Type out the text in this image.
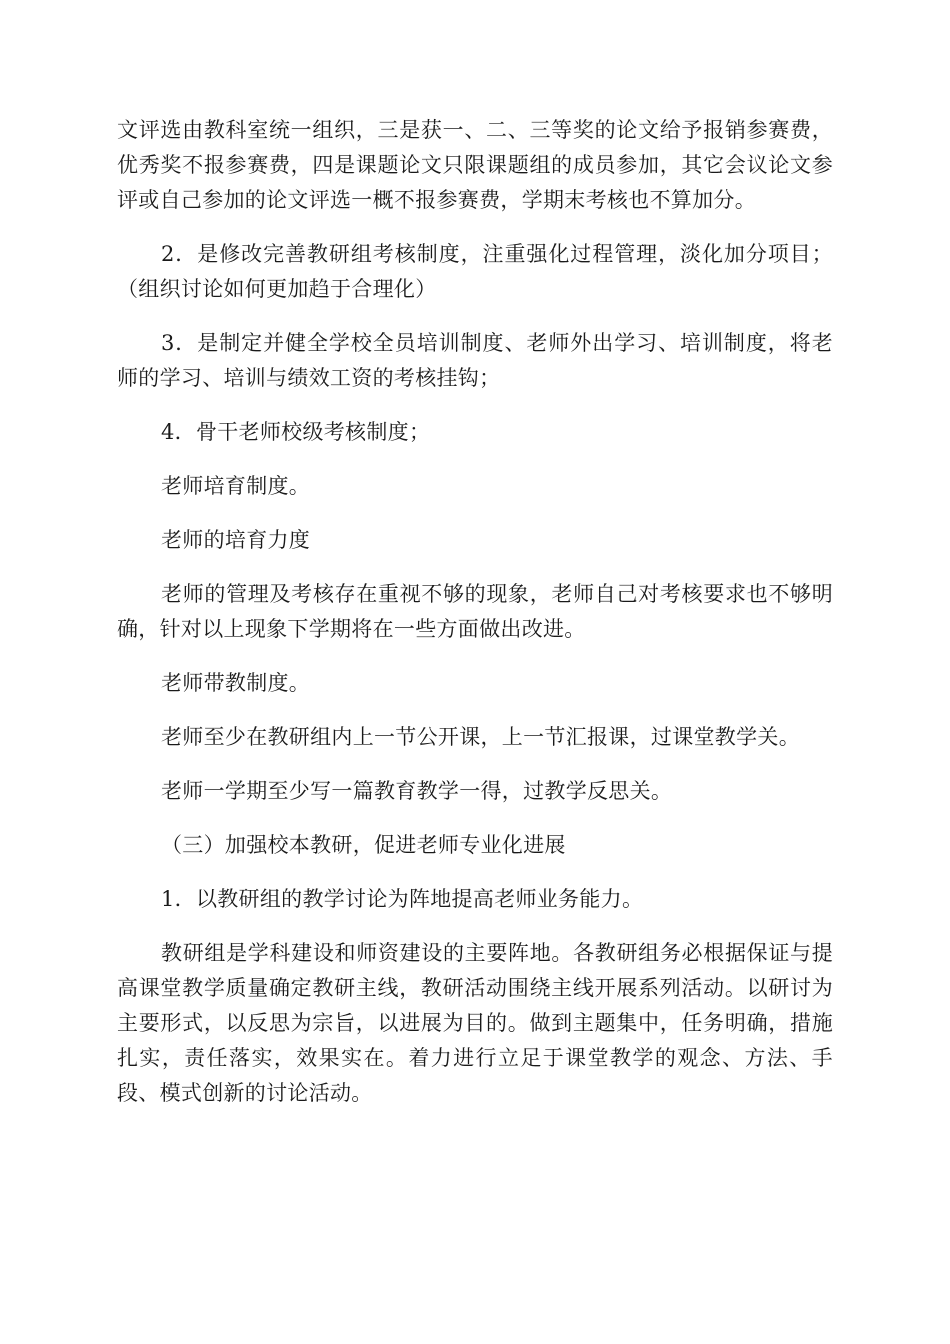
文评选由教科室统一组织，三是获一、二、三等奖的论文给予报销参赛费，优秀奖不报参赛费，四是课题论文只限课题组的成员参加，其它会议论文参评或自己参加的论文评选一概不报参赛费，学期末考核也不算加分。

2．是修改完善教研组考核制度，注重强化过程管理，淡化加分项目；（组织讨论如何更加趋于合理化）

3．是制定并健全学校全员培训制度、老师外出学习、培训制度，将老师的学习、培训与绩效工资的考核挂钩；

4．骨干老师校级考核制度；

老师培育制度。

老师的培育力度

老师的管理及考核存在重视不够的现象，老师自己对考核要求也不够明确，针对以上现象下学期将在一些方面做出改进。

老师带教制度。

老师至少在教研组内上一节公开课，上一节汇报课，过课堂教学关。

老师一学期至少写一篇教育教学一得，过教学反思关。

（三）加强校本教研，促进老师专业化进展

1．以教研组的教学讨论为阵地提高老师业务能力。

教研组是学科建设和师资建设的主要阵地。各教研组务必根据保证与提高课堂教学质量确定教研主线，教研活动围绕主线开展系列活动。以研讨为主要形式，以反思为宗旨，以进展为目的。做到主题集中，任务明确，措施扎实，责任落实，效果实在。着力进行立足于课堂教学的观念、方法、手段、模式创新的讨论活动。
